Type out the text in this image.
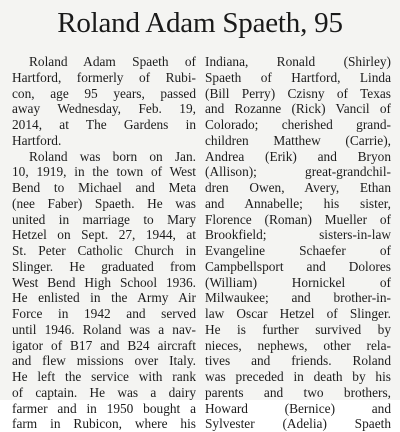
Roland Adam Spaeth, 95
Roland Adam Spaeth of
Hartford, formerly of Rubi-
con, age 95 years, passed
away Wednesday, Feb. 19,
2014, at The Gardens in
Hartford.
Roland was born on Jan.
10, 1919, in the town of West
Bend to Michael and Meta
(nee Faber) Spaeth. He was
united in marriage to Mary
Hetzel on Sept. 27, 1944, at
St. Peter Catholic Church in
Slinger. He graduated from
West Bend High School 1936.
He enlisted in the Army Air
Force in 1942 and served
until 1946. Roland was a nav-
igator of B17 and B24 aircraft
and flew missions over Italy.
He left the service with rank
of captain. He was a dairy
farmer and in 1950 bought a
farm in Rubicon, where his
Indiana, Ronald (Shirley)
Spaeth of Hartford, Linda
(Bill Perry) Czisny of Texas
and Rozanne (Rick) Vancil of
Colorado; cherished grand-
children Matthew (Carrie),
Andrea (Erik) and Bryon
(Allison); great-grandchil-
dren Owen, Avery, Ethan
and Annabelle; his sister,
Florence (Roman) Mueller of
Brookfield; sisters-in-law
Evangeline Schaefer of
Campbellsport and Dolores
(William) Hornickel of
Milwaukee; and brother-in-
law Oscar Hetzel of Slinger.
He is further survived by
nieces, nephews, other rela-
tives and friends. Roland
was preceded in death by his
parents and two brothers,
Howard (Bernice) and
Sylvester (Adelia) Spaeth
